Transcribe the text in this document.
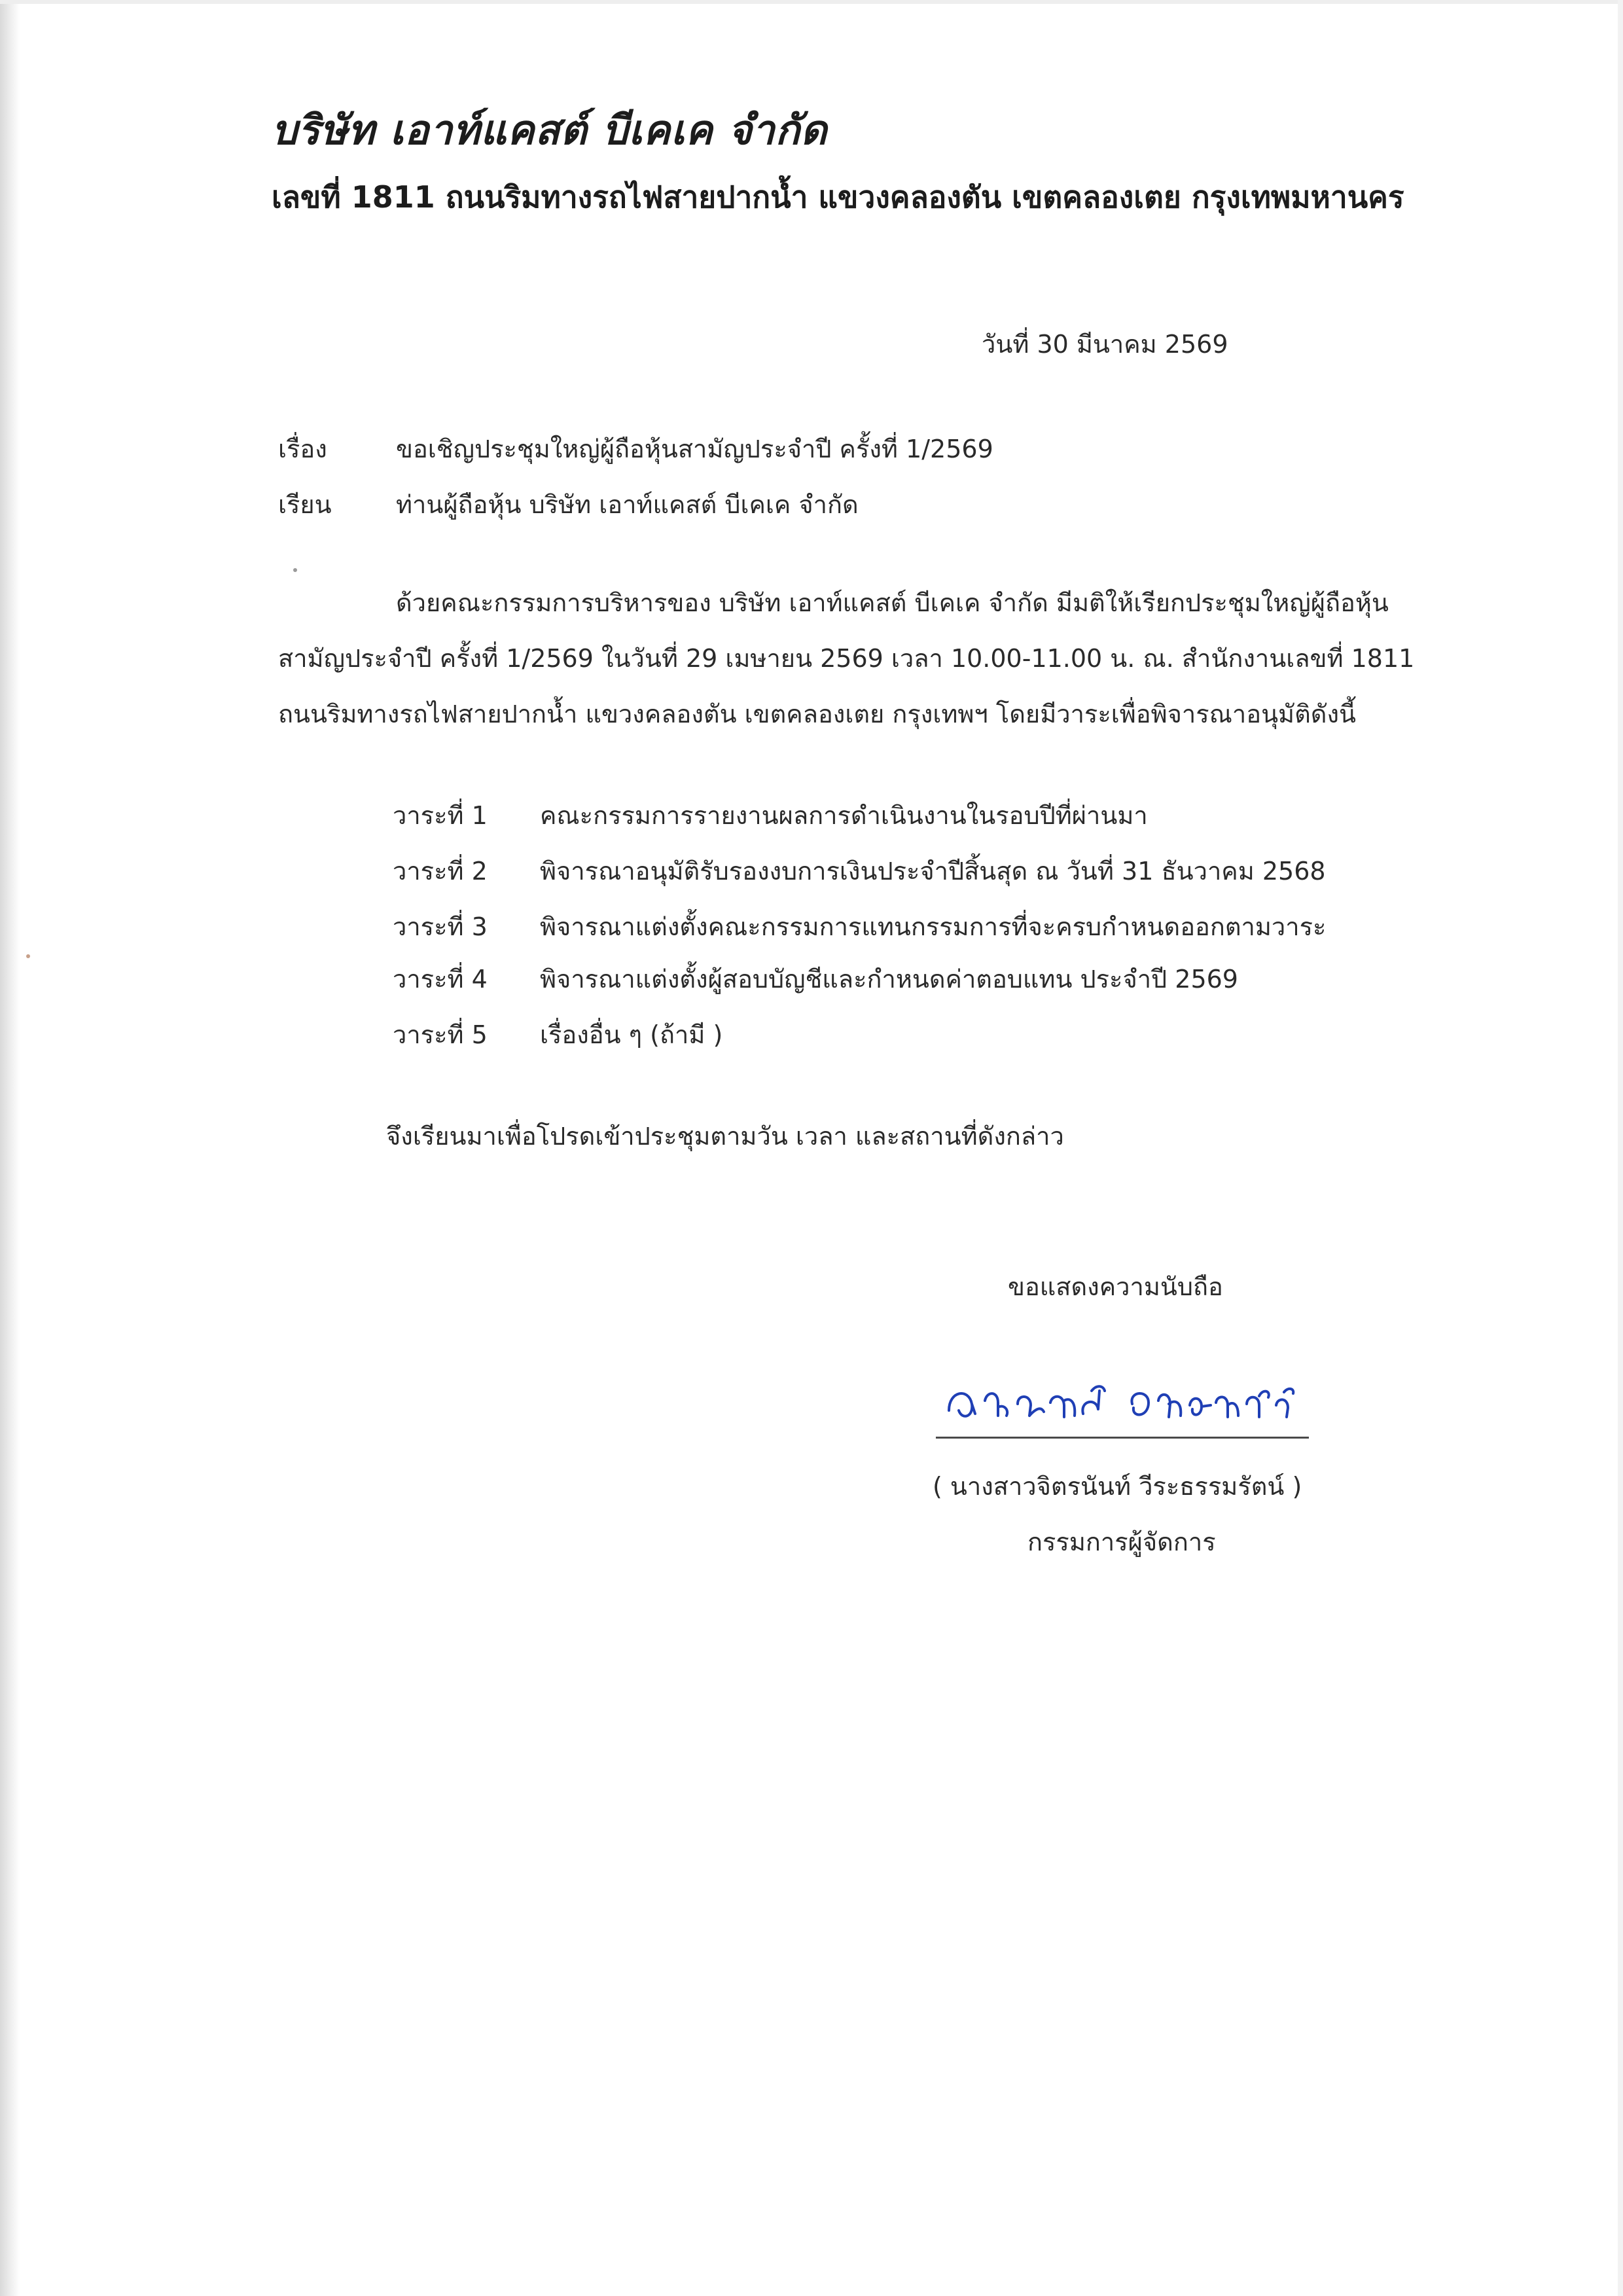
บริษัท เอาท์แคสต์ บีเคเค จำกัด
เลขที่ 1811 ถนนริมทางรถไฟสายปากน้ำ แขวงคลองตัน เขตคลองเตย กรุงเทพมหานคร
วันที่ 30 มีนาคม 2569
เรื่อง	ขอเชิญประชุมใหญ่ผู้ถือหุ้นสามัญประจำปี ครั้งที่ 1/2569
เรียน	ท่านผู้ถือหุ้น บริษัท เอาท์แคสต์ บีเคเค จำกัด
ด้วยคณะกรรมการบริหารของ บริษัท เอาท์แคสต์ บีเคเค จำกัด มีมติให้เรียกประชุมใหญ่ผู้ถือหุ้น
สามัญประจำปี ครั้งที่ 1/2569 ในวันที่ 29 เมษายน 2569 เวลา 10.00-11.00 น. ณ. สำนักงานเลขที่ 1811
ถนนริมทางรถไฟสายปากน้ำ แขวงคลองตัน เขตคลองเตย กรุงเทพฯ โดยมีวาระเพื่อพิจารณาอนุมัติดังนี้
วาระที่ 1 คณะกรรมการรายงานผลการดำเนินงานในรอบปีที่ผ่านมา
วาระที่ 2 พิจารณาอนุมัติรับรองงบการเงินประจำปีสิ้นสุด ณ วันที่ 31 ธันวาคม 2568
วาระที่ 3 พิจารณาแต่งตั้งคณะกรรมการแทนกรรมการที่จะครบกำหนดออกตามวาระ
วาระที่ 4 พิจารณาแต่งตั้งผู้สอบบัญชีและกำหนดค่าตอบแทน ประจำปี 2569
วาระที่ 5 เรื่องอื่น ๆ (ถ้ามี )
จึงเรียนมาเพื่อโปรดเข้าประชุมตามวัน เวลา และสถานที่ดังกล่าว
ขอแสดงความนับถือ
( นางสาวจิตรนันท์ วีระธรรมรัตน์ )
กรรมการผู้จัดการ
